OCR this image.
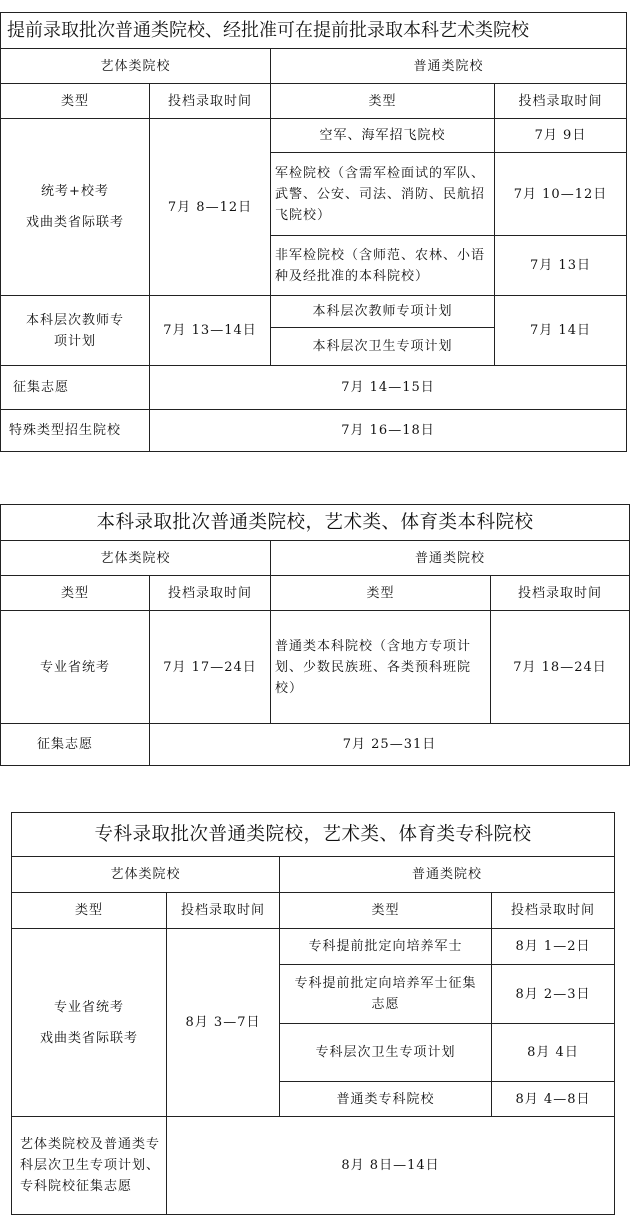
提前录取批次普通类院校、经批准可在提前批录取本科艺术类院校			
艺体类院校		普通类院校	
类型	投档录取时间	类型	投档录取时间

统考+校考
戏曲类省际联考	7月 8—12日	空军、海军招飞院校	7月 9日
		军检院校（含需军检面试的军队、武警、公安、司法、消防、民航招飞院校）	7月 10—12日
		非军检院校（含师范、农林、小语种及经批准的本科院校）	7月 13日
本科层次教师专项计划	7月 13—14日	本科层次教师专项计划	7月 14日
		本科层次卫生专项计划	
征集志愿	7月 14—15日		
特殊类型招生院校	7月 16—18日		
本科录取批次普通类院校，艺术类、体育类本科院校			
艺体类院校		普通类院校	
类型	投档录取时间	类型	投档录取时间
专业省统考	7月 17—24日	普通类本科院校（含地方专项计划、少数民族班、各类预科班院校）	7月 18—24日
征集志愿	7月 25—31日		
专科录取批次普通类院校，艺术类、体育类专科院校			
艺体类院校		普通类院校	
类型	投档录取时间	类型	投档录取时间

专业省统考
戏曲类省际联考	8月 3—7日	专科提前批定向培养军士	8月 1—2日
		专科提前批定向培养军士征集志愿	8月 2—3日
		专科层次卫生专项计划	8月 4日
		普通类专科院校	8月 4—8日
艺体类院校及普通类专科层次卫生专项计划、专科院校征集志愿	8月 8日—14日		
